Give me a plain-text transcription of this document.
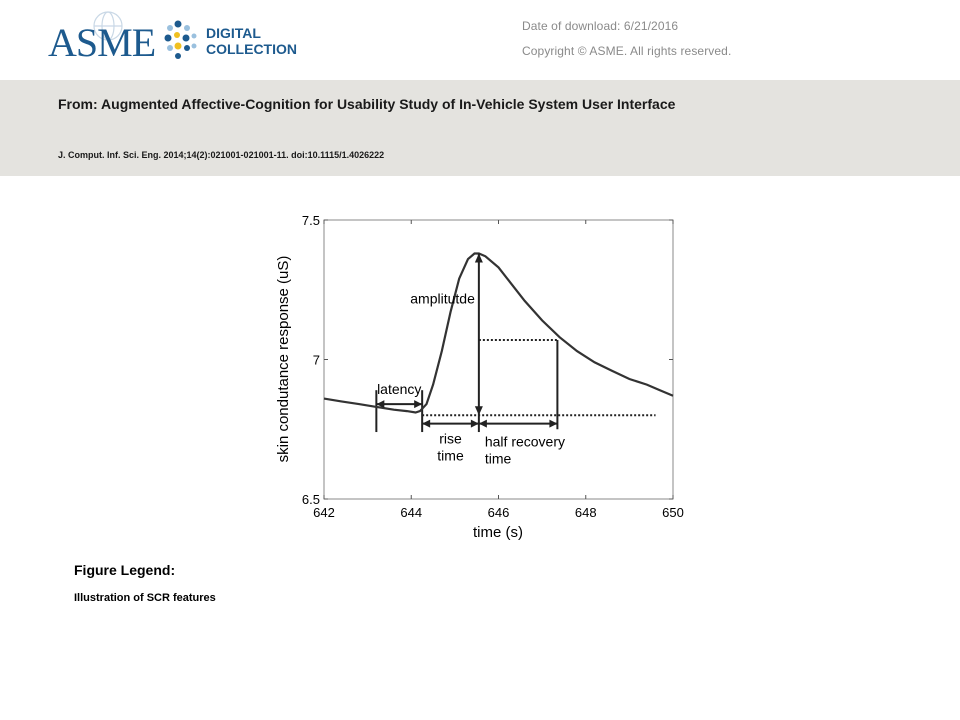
ASME	DIGITAL
COLLECTION
Date of download: 6/21/2016
Copyright © ASME. All rights reserved.
From: Augmented Affective-Cognition for Usability Study of In-Vehicle System User Interface
J. Comput. Inf. Sci. Eng. 2014;14(2):021001-021001-11. doi:10.1115/1.4026222
642	644	646	648	650
6.5
7
7.5
latency
amplitutde
rise
time
half recovery
time
time (s)
skin condutance response (uS)
Figure Legend:
Illustration of SCR features
